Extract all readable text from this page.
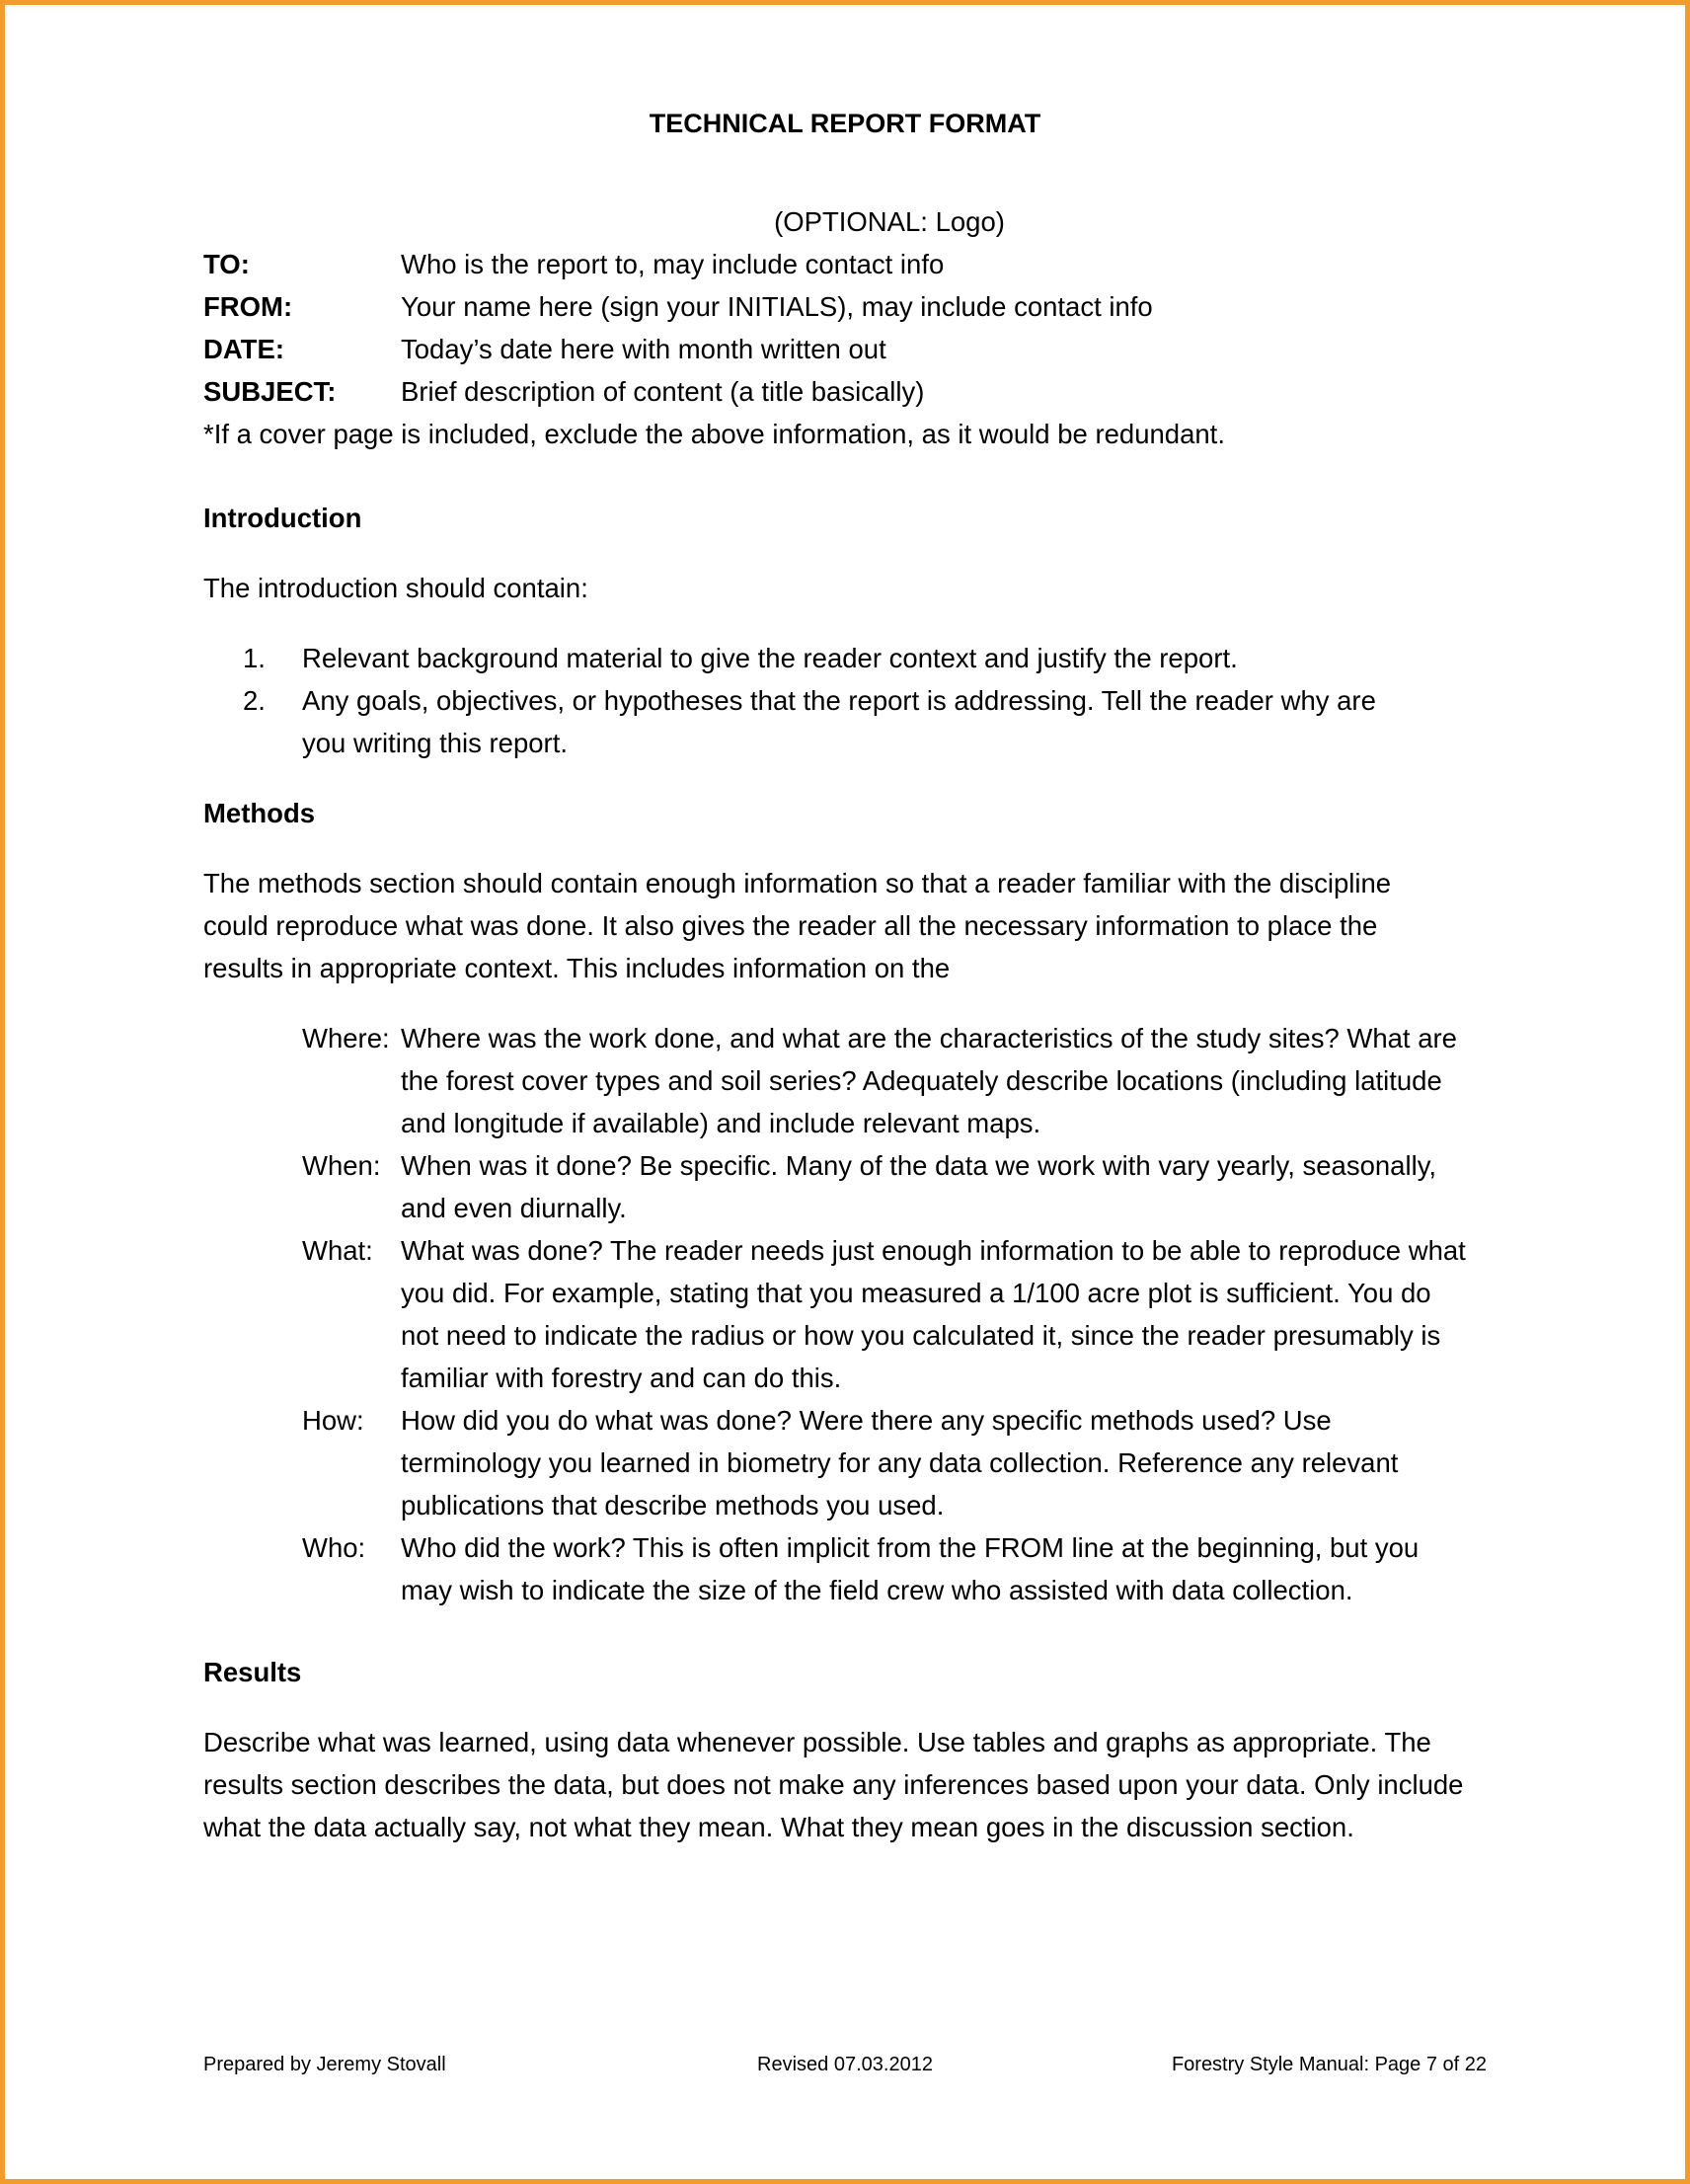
TECHNICAL REPORT FORMAT
(OPTIONAL: Logo)
TO:	Who is the report to, may include contact info
FROM:	Your name here (sign your INITIALS), may include contact info
DATE:	Today’s date here with month written out
SUBJECT:	Brief description of content (a title basically)
*If a cover page is included, exclude the above information, as it would be redundant.
Introduction
The introduction should contain:
1.	Relevant background material to give the reader context and justify the report.
2.	Any goals, objectives, or hypotheses that the report is addressing. Tell the reader why are you writing this report.
Methods
The methods section should contain enough information so that a reader familiar with the discipline could reproduce what was done. It also gives the reader all the necessary information to place the results in appropriate context. This includes information on the
Where: Where was the work done, and what are the characteristics of the study sites? What are the forest cover types and soil series? Adequately describe locations (including latitude and longitude if available) and include relevant maps.
When: When was it done? Be specific. Many of the data we work with vary yearly, seasonally, and even diurnally.
What:	What was done? The reader needs just enough information to be able to reproduce what you did. For example, stating that you measured a 1/100 acre plot is sufficient. You do not need to indicate the radius or how you calculated it, since the reader presumably is familiar with forestry and can do this.
How:	How did you do what was done? Were there any specific methods used? Use terminology you learned in biometry for any data collection. Reference any relevant publications that describe methods you used.
Who:	Who did the work? This is often implicit from the FROM line at the beginning, but you may wish to indicate the size of the field crew who assisted with data collection.
Results
Describe what was learned, using data whenever possible. Use tables and graphs as appropriate. The results section describes the data, but does not make any inferences based upon your data. Only include what the data actually say, not what they mean. What they mean goes in the discussion section.
Prepared by Jeremy Stovall	Revised 07.03.2012	Forestry Style Manual: Page 7 of 22
